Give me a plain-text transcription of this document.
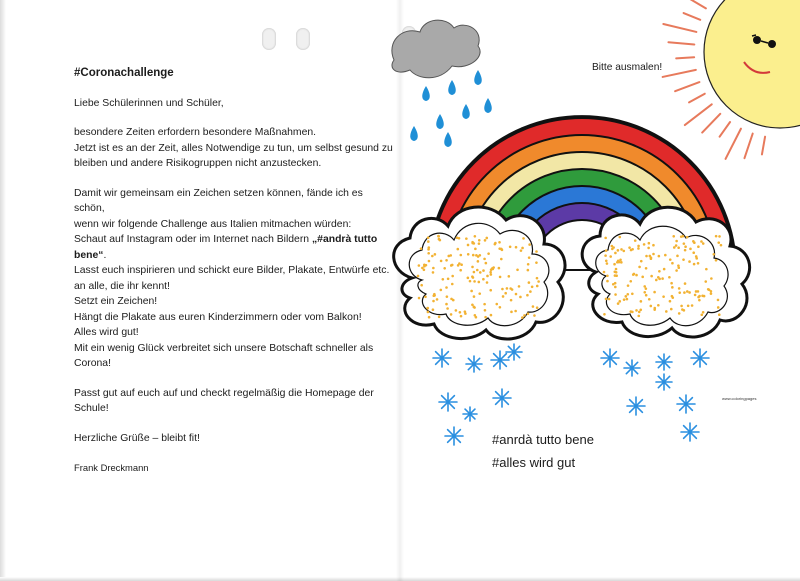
#Coronachallenge

Liebe Schülerinnen und Schüler,

besondere Zeiten erfordern besondere Maßnahmen.
Jetzt ist es an der Zeit, alles Notwendige zu tun, um selbst gesund zu
bleiben und andere Risikogruppen nicht anzustecken.

Damit wir gemeinsam ein Zeichen setzen können, fände ich es schön,
wenn wir folgende Challenge aus Italien mitmachen würden:
Schaut auf Instagram oder im Internet nach Bildern „#andrà tutto bene“.
Lasst euch inspirieren und schickt eure Bilder, Plakate, Entwürfe etc.
an alle, die ihr kennt!
Setzt ein Zeichen!
Hängt die Plakate aus euren Kinderzimmern oder vom Balkon!
Alles wird gut!
Mit ein wenig Glück verbreitet sich unsere Botschaft schneller als
Corona!

Passt gut auf euch auf und checkt regelmäßig die Homepage der
Schule!

Herzliche Grüße – bleibt fit!

Frank Dreckmann
Bitte ausmalen!
www.coloringpages
#anrdà tutto bene
#alles wird gut
